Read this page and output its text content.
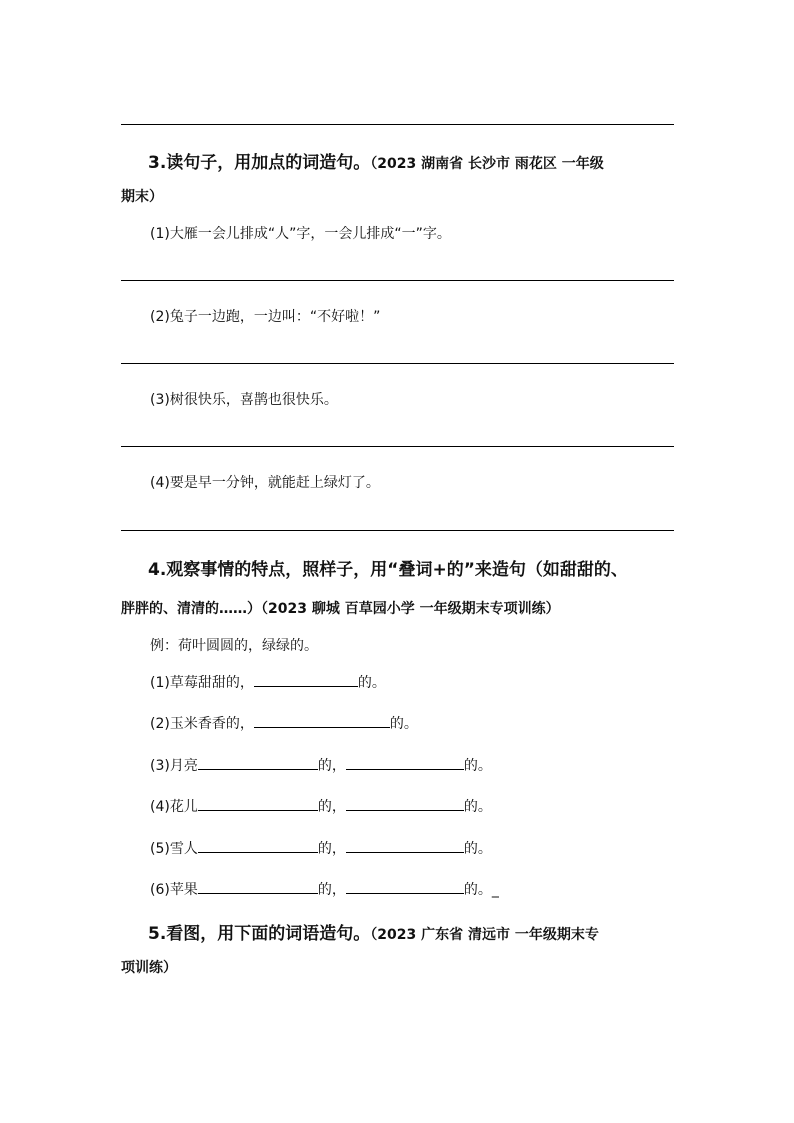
3.读句子，用加点的词造句。（2023 湖南省 长沙市 雨花区 一年级
期末）
(1)大雁一会儿排成“人”字，一会儿排成“一”字。
(2)兔子一边跑，一边叫：“不好啦！”
(3)树很快乐，喜鹊也很快乐。
(4)要是早一分钟，就能赶上绿灯了。
4.观察事情的特点，照样子，用“叠词+的”来造句（如甜甜的、
胖胖的、清清的……）（2023 聊城 百草园小学 一年级期末专项训练）
例：荷叶圆圆的，绿绿的。
(1)草莓甜甜的，	的。
(2)玉米香香的，	的。
(3)月亮	的，	的。
(4)花儿	的，	的。
(5)雪人	的，	的。
(6)苹果	的，	的。_
5.看图，用下面的词语造句。（2023 广东省 清远市 一年级期末专
项训练）
